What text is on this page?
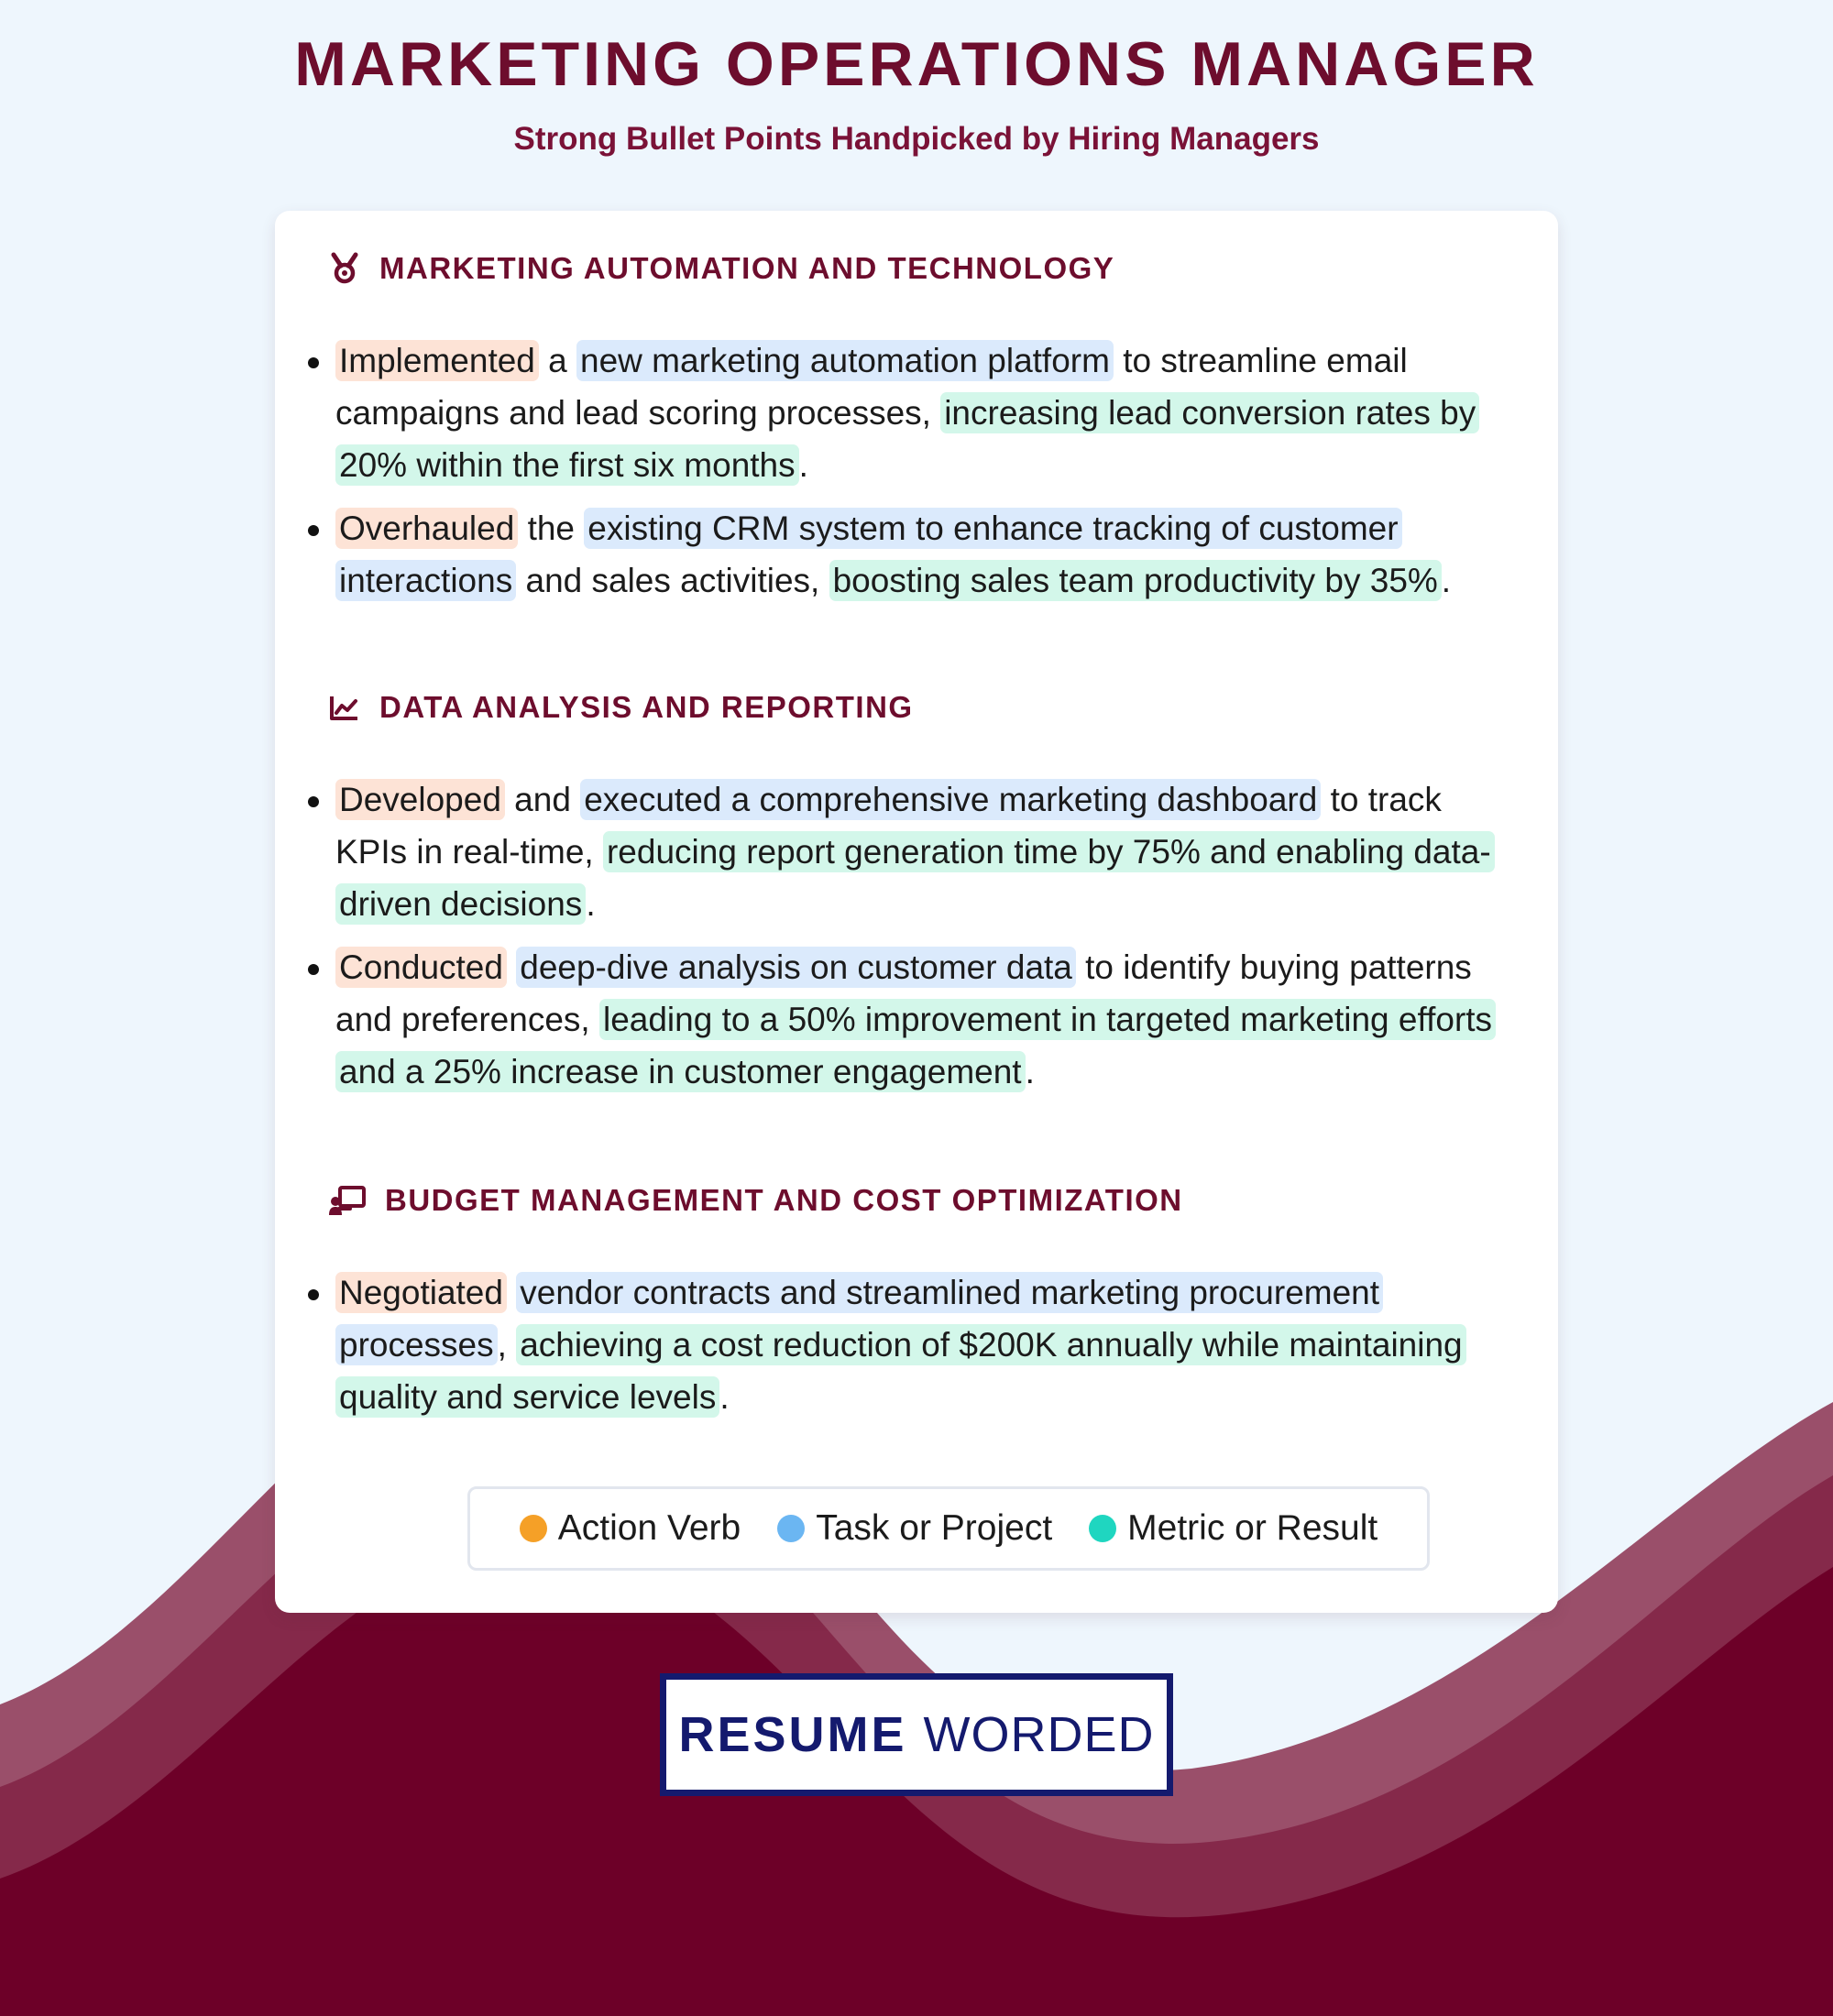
MARKETING OPERATIONS MANAGER
Strong Bullet Points Handpicked by Hiring Managers
MARKETING AUTOMATION AND TECHNOLOGY
Implemented a new marketing automation platform to streamline email campaigns and lead scoring processes, increasing lead conversion rates by 20% within the first six months .
Overhauled the existing CRM system to enhance tracking of customer interactions and sales activities, boosting sales team productivity by 35% .
DATA ANALYSIS AND REPORTING
Developed and executed a comprehensive marketing dashboard to track KPIs in real-time, reducing report generation time by 75% and enabling data-driven decisions .
Conducted deep-dive analysis on customer data to identify buying patterns and preferences, leading to a 50% improvement in targeted marketing efforts and a 25% increase in customer engagement .
BUDGET MANAGEMENT AND COST OPTIMIZATION
Negotiated vendor contracts and streamlined marketing procurement processes , achieving a cost reduction of $200K annually while maintaining quality and service levels .
Action Verb Task or Project Metric or Result
RESUME WORDED
